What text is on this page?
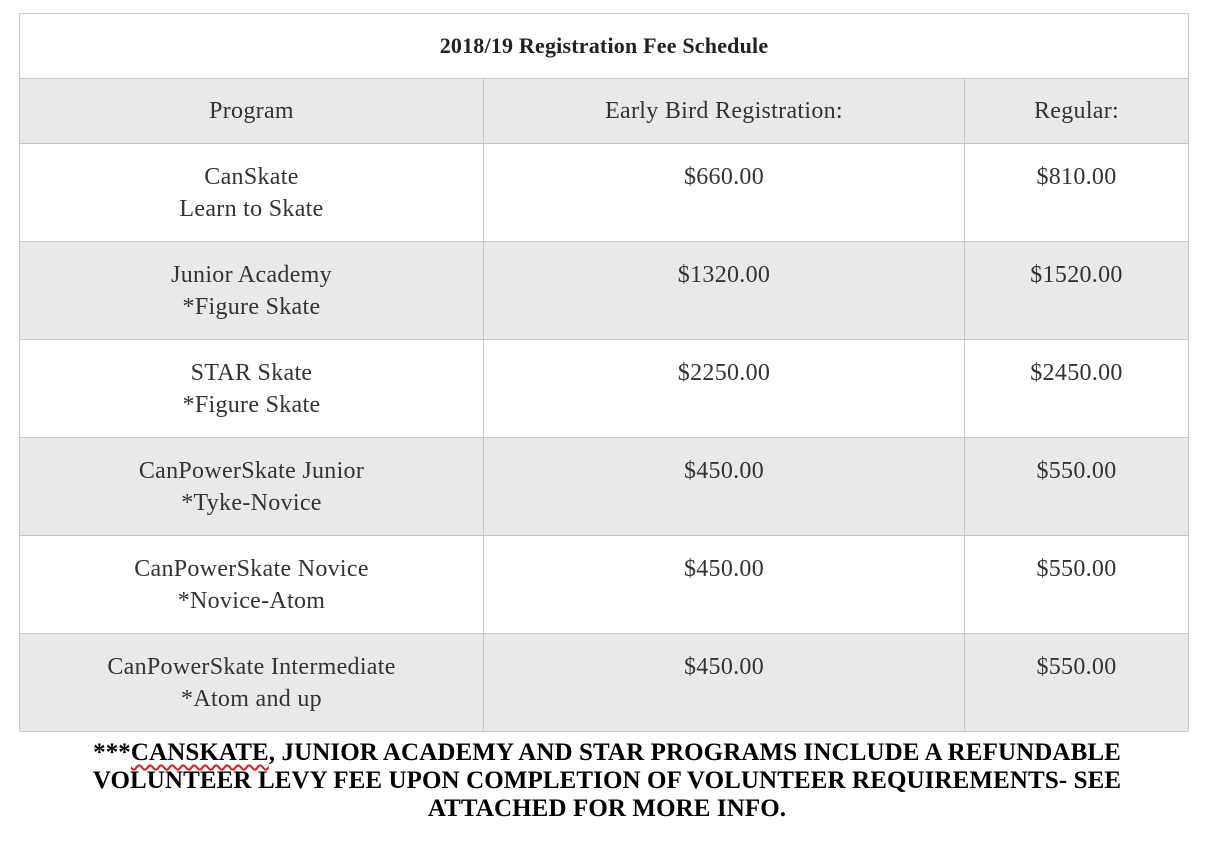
2018/19 Registration Fee Schedule		
Program	Early Bird Registration:	Regular:

CanSkate
Learn to Skate	$660.00	$810.00

Junior Academy
*Figure Skate	$1320.00	$1520.00

STAR Skate
*Figure Skate	$2250.00	$2450.00

CanPowerSkate Junior
*Tyke-Novice	$450.00	$550.00

CanPowerSkate Novice
*Novice-Atom	$450.00	$550.00

CanPowerSkate Intermediate
*Atom and up	$450.00	$550.00
***CANSKATE, JUNIOR ACADEMY AND STAR PROGRAMS INCLUDE A REFUNDABLE VOLUNTEER LEVY FEE UPON COMPLETION OF VOLUNTEER REQUIREMENTS- SEE ATTACHED FOR MORE INFO.
